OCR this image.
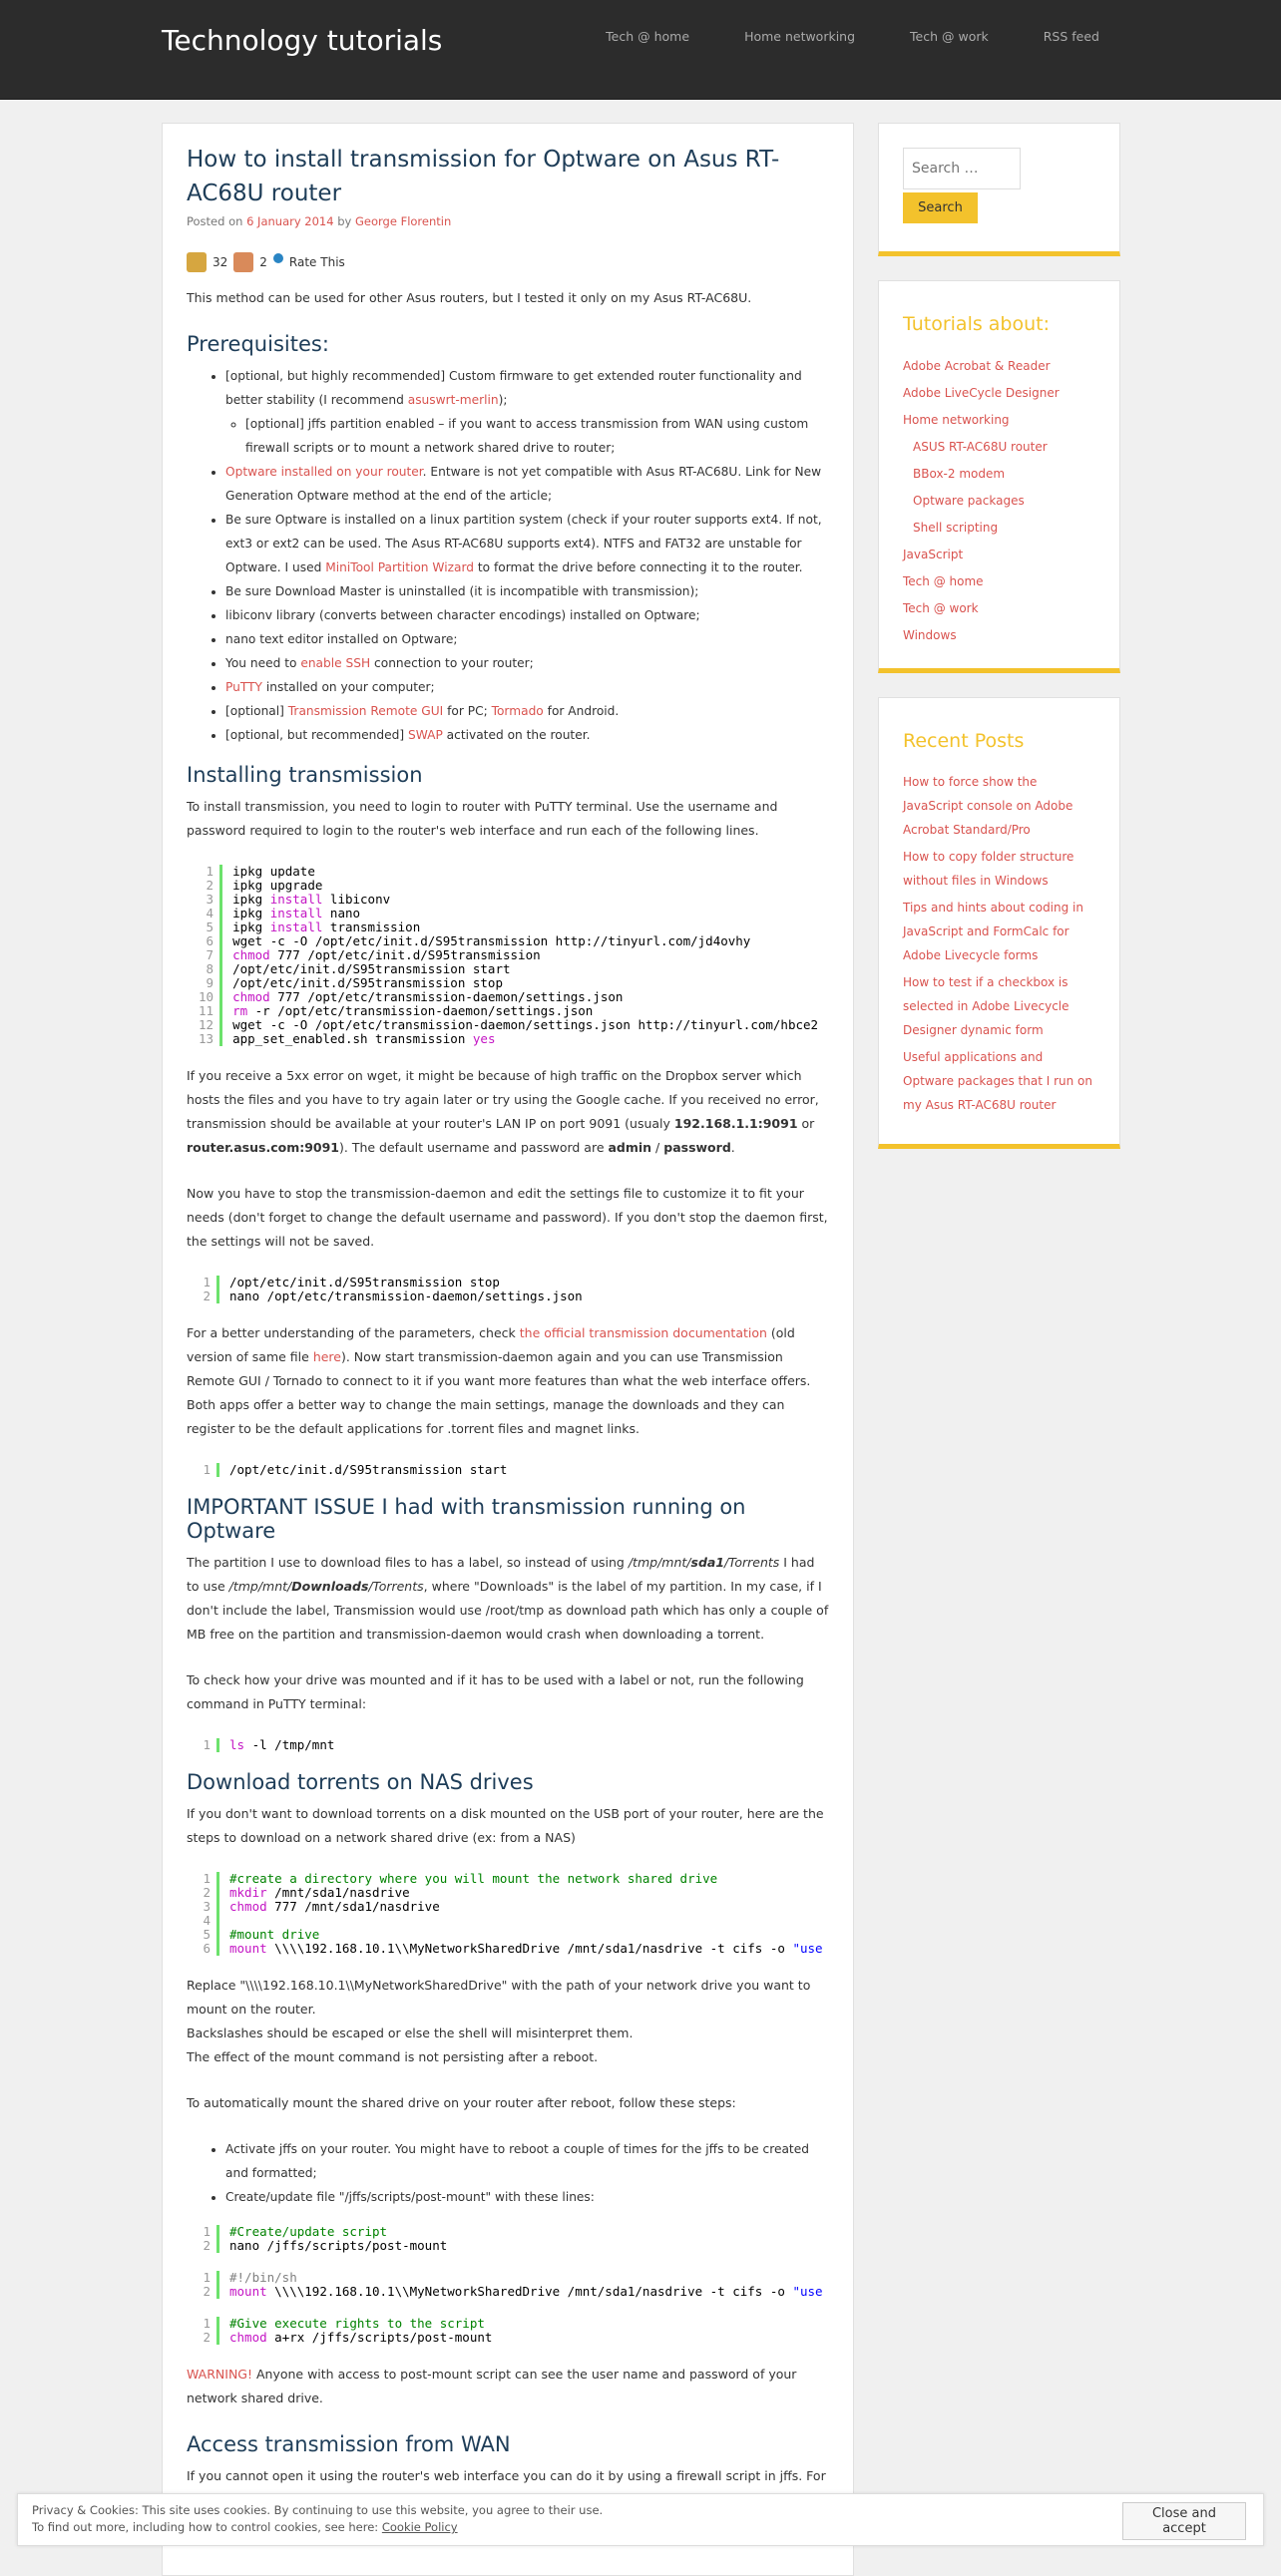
Technology tutorials	Tech @ home	Home networking	Tech @ work	RSS feed
How to install transmission for Optware on Asus RT-AC68U router
Posted on 6 January 2014 by George Florentin
32	2 Rate This

This method can be used for other Asus routers, but I tested it only on my Asus RT-AC68U.

Prerequisites:
• [optional, but highly recommended] Custom firmware to get extended router functionality and better stability (I recommend asuswrt-merlin);
◦ [optional] jffs partition enabled – if you want to access transmission from WAN using custom firewall scripts or to mount a network shared drive to router;
• Optware installed on your router. Entware is not yet compatible with Asus RT-AC68U. Link for New Generation Optware method at the end of the article;
• Be sure Optware is installed on a linux partition system (check if your router supports ext4. If not, ext3 or ext2 can be used. The Asus RT-AC68U supports ext4). NTFS and FAT32 are unstable for Optware. I used MiniTool Partition Wizard to format the drive before connecting it to the router.
• Be sure Download Master is uninstalled (it is incompatible with transmission);
• libiconv library (converts between character encodings) installed on Optware;
• nano text editor installed on Optware;
• You need to enable SSH connection to your router;
• PuTTY installed on your computer;
• [optional] Transmission Remote GUI for PC; Tormado for Android.
• [optional, but recommended] SWAP activated on the router.
Installing transmission

To install transmission, you need to login to router with PuTTY terminal. Use the username and password required to login to the router's web interface and run each of the following lines.

1
2
3
4
5
6
7
8
9
10
11
12
13
ipkg update
ipkg upgrade
ipkg install libiconv
ipkg install nano
ipkg install transmission
wget -c -O /opt/etc/init.d/S95transmission http://tinyurl.com/jd4ovhy
chmod 777 /opt/etc/init.d/S95transmission
/opt/etc/init.d/S95transmission start
/opt/etc/init.d/S95transmission stop
chmod 777 /opt/etc/transmission-daemon/settings.json
rm -r /opt/etc/transmission-daemon/settings.json
wget -c -O /opt/etc/transmission-daemon/settings.json http://tinyurl.com/hbce2
app_set_enabled.sh transmission yes

If you receive a 5xx error on wget, it might be because of high traffic on the Dropbox server which hosts the files and you have to try again later or try using the Google cache. If you received no error, transmission should be available at your router's LAN IP on port 9091 (usualy 192.168.1.1:9091 or router.asus.com:9091). The default username and password are admin / password.

Now you have to stop the transmission-daemon and edit the settings file to customize it to fit your needs (don't forget to change the default username and password). If you don't stop the daemon first, the settings will not be saved.

1
2
/opt/etc/init.d/S95transmission stop
nano /opt/etc/transmission-daemon/settings.json

For a better understanding of the parameters, check the official transmission documentation (old version of same file here). Now start transmission-daemon again and you can use Transmission Remote GUI / Tornado to connect to it if you want more features than what the web interface offers. Both apps offer a better way to change the main settings, manage the downloads and they can register to be the default applications for .torrent files and magnet links.

1 /opt/etc/init.d/S95transmission start
IMPORTANT ISSUE I had with transmission running on Optware

The partition I use to download files to has a label, so instead of using /tmp/mnt/sda1/Torrents I had to use /tmp/mnt/Downloads/Torrents, where "Downloads" is the label of my partition. In my case, if I don't include the label, Transmission would use /root/tmp as download path which has only a couple of MB free on the partition and transmission-daemon would crash when downloading a torrent.

To check how your drive was mounted and if it has to be used with a label or not, run the following command in PuTTY terminal:

1 ls -l /tmp/mnt
Download torrents on NAS drives

If you don't want to download torrents on a disk mounted on the USB port of your router, here are the steps to download on a network shared drive (ex: from a NAS)

1
2
3
4
5
6
#create a directory where you will mount the network shared drive
mkdir /mnt/sda1/nasdrive
chmod 777 /mnt/sda1/nasdrive

#mount drive
mount \\\\192.168.10.1\\MyNetworkSharedDrive /mnt/sda1/nasdrive -t cifs -o "use

Replace "\\\\192.168.10.1\\MyNetworkSharedDrive" with the path of your network drive you want to mount on the router.
Backslashes should be escaped or else the shell will misinterpret them.
The effect of the mount command is not persisting after a reboot.

To automatically mount the shared drive on your router after reboot, follow these steps:

• Activate jffs on your router. You might have to reboot a couple of times for the jffs to be created and formatted;
• Create/update file "/jffs/scripts/post-mount" with these lines:
1
2
#Create/update script
nano /jffs/scripts/post-mount
1
2
#!/bin/sh
mount \\\\192.168.10.1\\MyNetworkSharedDrive /mnt/sda1/nasdrive -t cifs -o "use
1
2
#Give execute rights to the script
chmod a+rx /jffs/scripts/post-mount

WARNING! Anyone with access to post-mount script can see the user name and password of your network shared drive.

Access transmission from WAN

If you cannot open it using the router's web interface you can do it by using a firewall script in jffs. For

Search …
Search
Tutorials about:
Adobe Acrobat & Reader
Adobe LiveCycle Designer
Home networking
ASUS RT-AC68U router
BBox-2 modem
Optware packages
Shell scripting
JavaScript
Tech @ home
Tech @ work
Windows
Recent Posts
How to force show the JavaScript console on Adobe Acrobat Standard/Pro
How to copy folder structure without files in Windows
Tips and hints about coding in JavaScript and FormCalc for Adobe Livecycle forms
How to test if a checkbox is selected in Adobe Livecycle Designer dynamic form
Useful applications and Optware packages that I run on my Asus RT-AC68U router
Privacy & Cookies: This site uses cookies. By continuing to use this website, you agree to their use.
To find out more, including how to control cookies, see here: Cookie Policy
Close and accept
